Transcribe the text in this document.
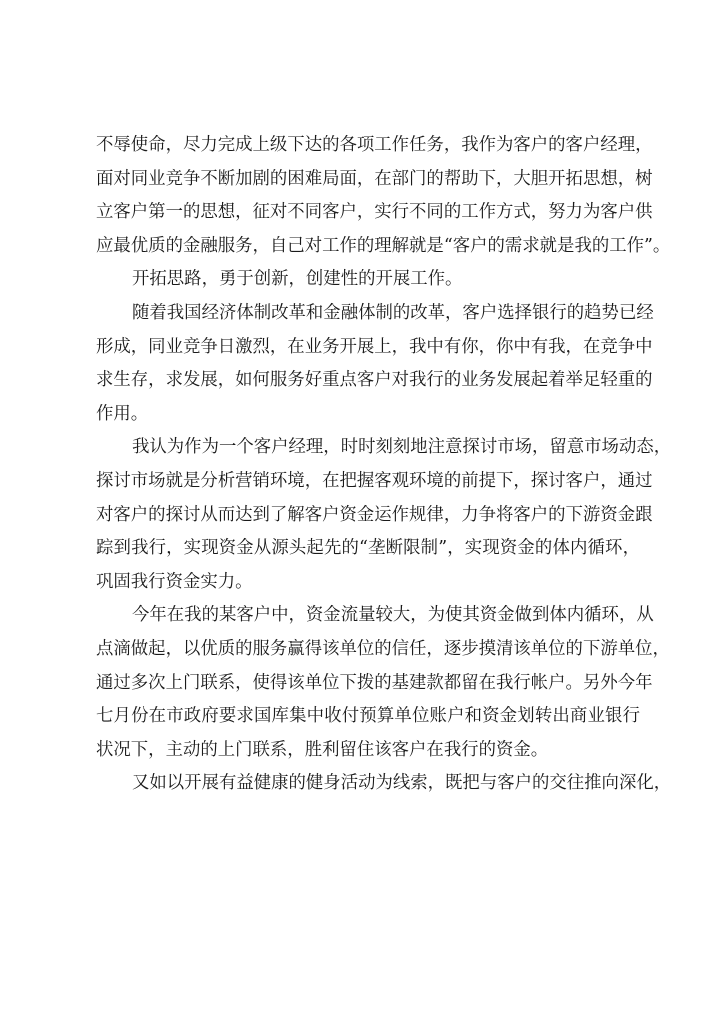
不辱使命，尽力完成上级下达的各项工作任务，我作为客户的客户经理，
面对同业竞争不断加剧的困难局面，在部门的帮助下，大胆开拓思想，树
立客户第一的思想，征对不同客户，实行不同的工作方式，努力为客户供
应最优质的金融服务，自己对工作的理解就是“客户的需求就是我的工作”。
开拓思路，勇于创新，创建性的开展工作。
随着我国经济体制改革和金融体制的改革，客户选择银行的趋势已经
形成，同业竞争日激烈，在业务开展上，我中有你，你中有我，在竞争中
求生存，求发展，如何服务好重点客户对我行的业务发展起着举足轻重的
作用。
我认为作为一个客户经理，时时刻刻地注意探讨市场，留意市场动态，
探讨市场就是分析营销环境，在把握客观环境的前提下，探讨客户，通过
对客户的探讨从而达到了解客户资金运作规律，力争将客户的下游资金跟
踪到我行，实现资金从源头起先的“垄断限制”，实现资金的体内循环，
巩固我行资金实力。
今年在我的某客户中，资金流量较大，为使其资金做到体内循环，从
点滴做起，以优质的服务赢得该单位的信任，逐步摸清该单位的下游单位，
通过多次上门联系，使得该单位下拨的基建款都留在我行帐户。另外今年
七月份在市政府要求国库集中收付预算单位账户和资金划转出商业银行
状况下，主动的上门联系，胜利留住该客户在我行的资金。
又如以开展有益健康的健身活动为线索，既把与客户的交往推向深化，
